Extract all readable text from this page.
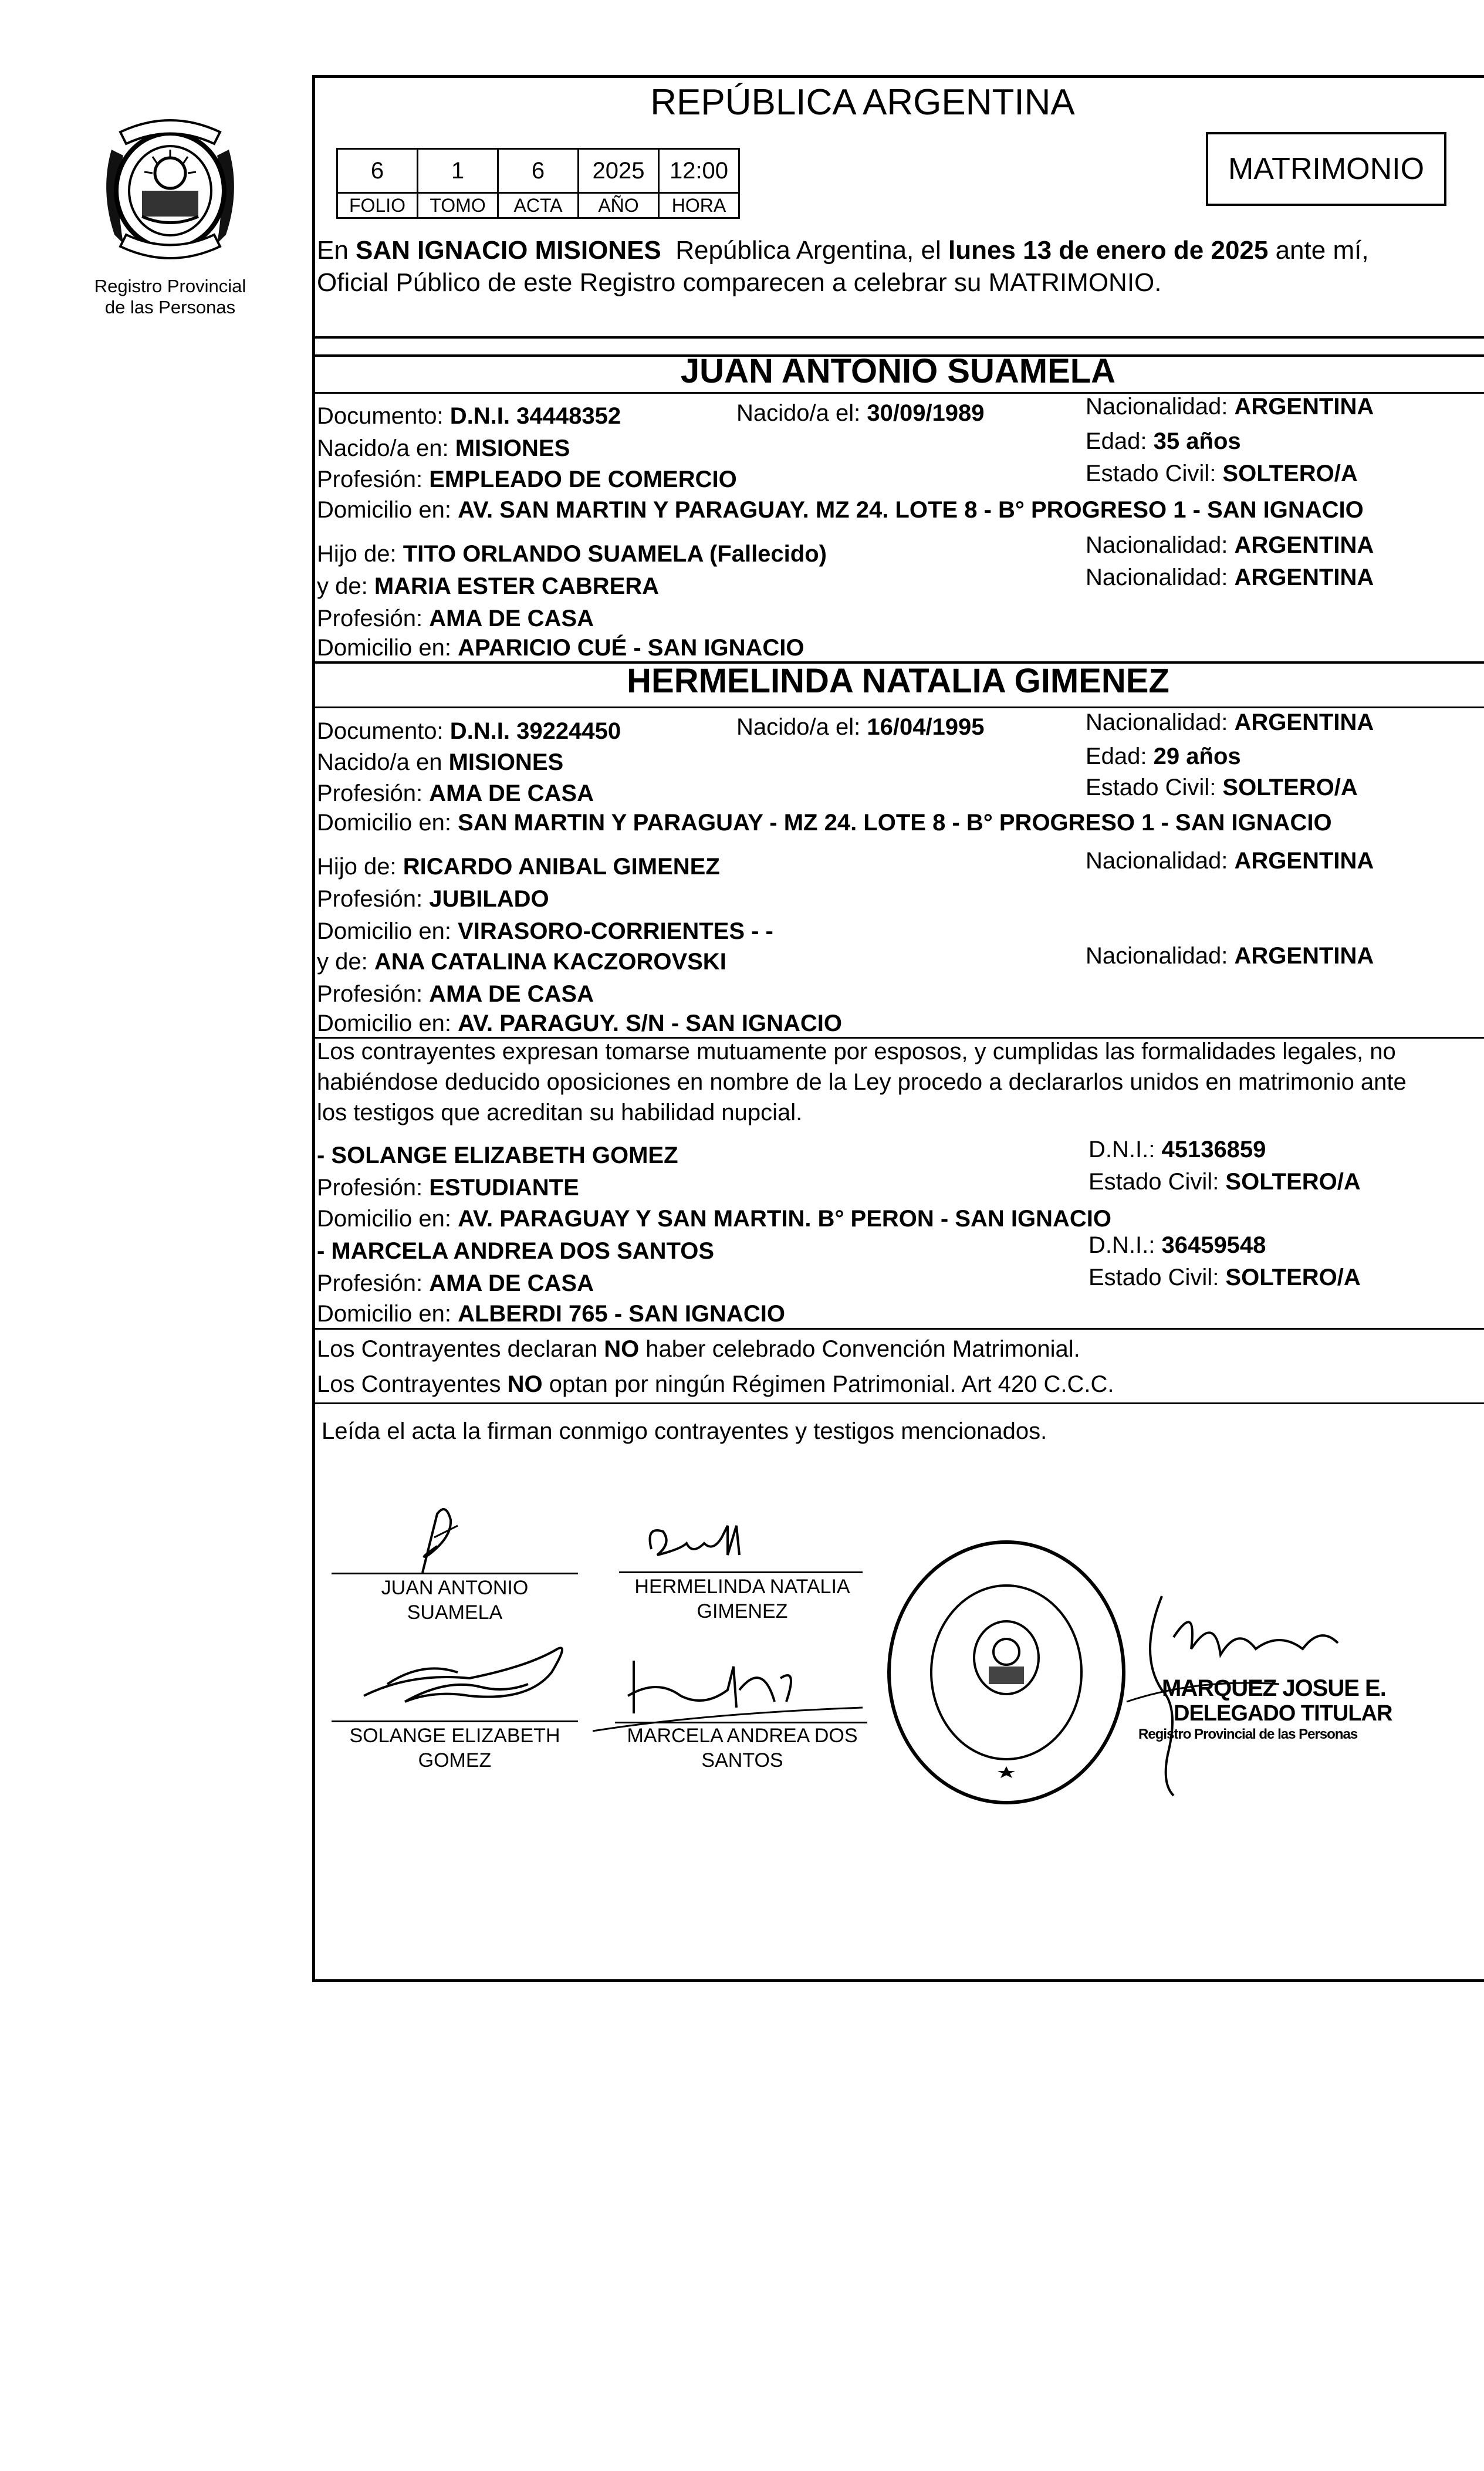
Registro Provincial
de las Personas
REPÚBLICA ARGENTINA
6	1	6	2025	12:00
FOLIO	TOMO	ACTA	AÑO	HORA
MATRIMONIO
En SAN IGNACIO MISIONES  República Argentina, el lunes 13 de enero de 2025 ante mí,
Oficial Público de este Registro comparecen a celebrar su MATRIMONIO.
JUAN ANTONIO SUAMELA
Documento: D.N.I. 34448352	Nacido/a el: 30/09/1989	Nacionalidad: ARGENTINA
Nacido/a en: MISIONES	Edad: 35 años
Profesión: EMPLEADO DE COMERCIO	Estado Civil: SOLTERO/A
Domicilio en: AV. SAN MARTIN Y PARAGUAY. MZ 24. LOTE 8 - B° PROGRESO 1 - SAN IGNACIO
Hijo de: TITO ORLANDO SUAMELA (Fallecido)	Nacionalidad: ARGENTINA
y de: MARIA ESTER CABRERA	Nacionalidad: ARGENTINA
Profesión: AMA DE CASA
Domicilio en: APARICIO CUÉ - SAN IGNACIO
HERMELINDA NATALIA GIMENEZ
Documento: D.N.I. 39224450	Nacido/a el: 16/04/1995	Nacionalidad: ARGENTINA
Nacido/a en MISIONES	Edad: 29 años
Profesión: AMA DE CASA	Estado Civil: SOLTERO/A
Domicilio en: SAN MARTIN Y PARAGUAY - MZ 24. LOTE 8 - B° PROGRESO 1 - SAN IGNACIO
Hijo de: RICARDO ANIBAL GIMENEZ	Nacionalidad: ARGENTINA
Profesión: JUBILADO
Domicilio en: VIRASORO-CORRIENTES - -
y de: ANA CATALINA KACZOROVSKI	Nacionalidad: ARGENTINA
Profesión: AMA DE CASA
Domicilio en: AV. PARAGUY. S/N - SAN IGNACIO
Los contrayentes expresan tomarse mutuamente por esposos, y cumplidas las formalidades legales, no
habiéndose deducido oposiciones en nombre de la Ley procedo a declararlos unidos en matrimonio ante
los testigos que acreditan su habilidad nupcial.
- SOLANGE ELIZABETH GOMEZ	D.N.I.: 45136859
Profesión: ESTUDIANTE	Estado Civil: SOLTERO/A
Domicilio en: AV. PARAGUAY Y SAN MARTIN. B° PERON - SAN IGNACIO
- MARCELA ANDREA DOS SANTOS	D.N.I.: 36459548
Profesión: AMA DE CASA	Estado Civil: SOLTERO/A
Domicilio en: ALBERDI 765 - SAN IGNACIO
Los Contrayentes declaran NO haber celebrado Convención Matrimonial.
Los Contrayentes NO optan por ningún Régimen Patrimonial. Art 420 C.C.C.
Leída el acta la firman conmigo contrayentes y testigos mencionados.
JUAN ANTONIO
SUAMELA
HERMELINDA NATALIA
GIMENEZ
SOLANGE ELIZABETH
GOMEZ
MARCELA ANDREA DOS
SANTOS
MARQUEZ JOSUE E.
DELEGADO TITULAR
Registro Provincial de las Personas
